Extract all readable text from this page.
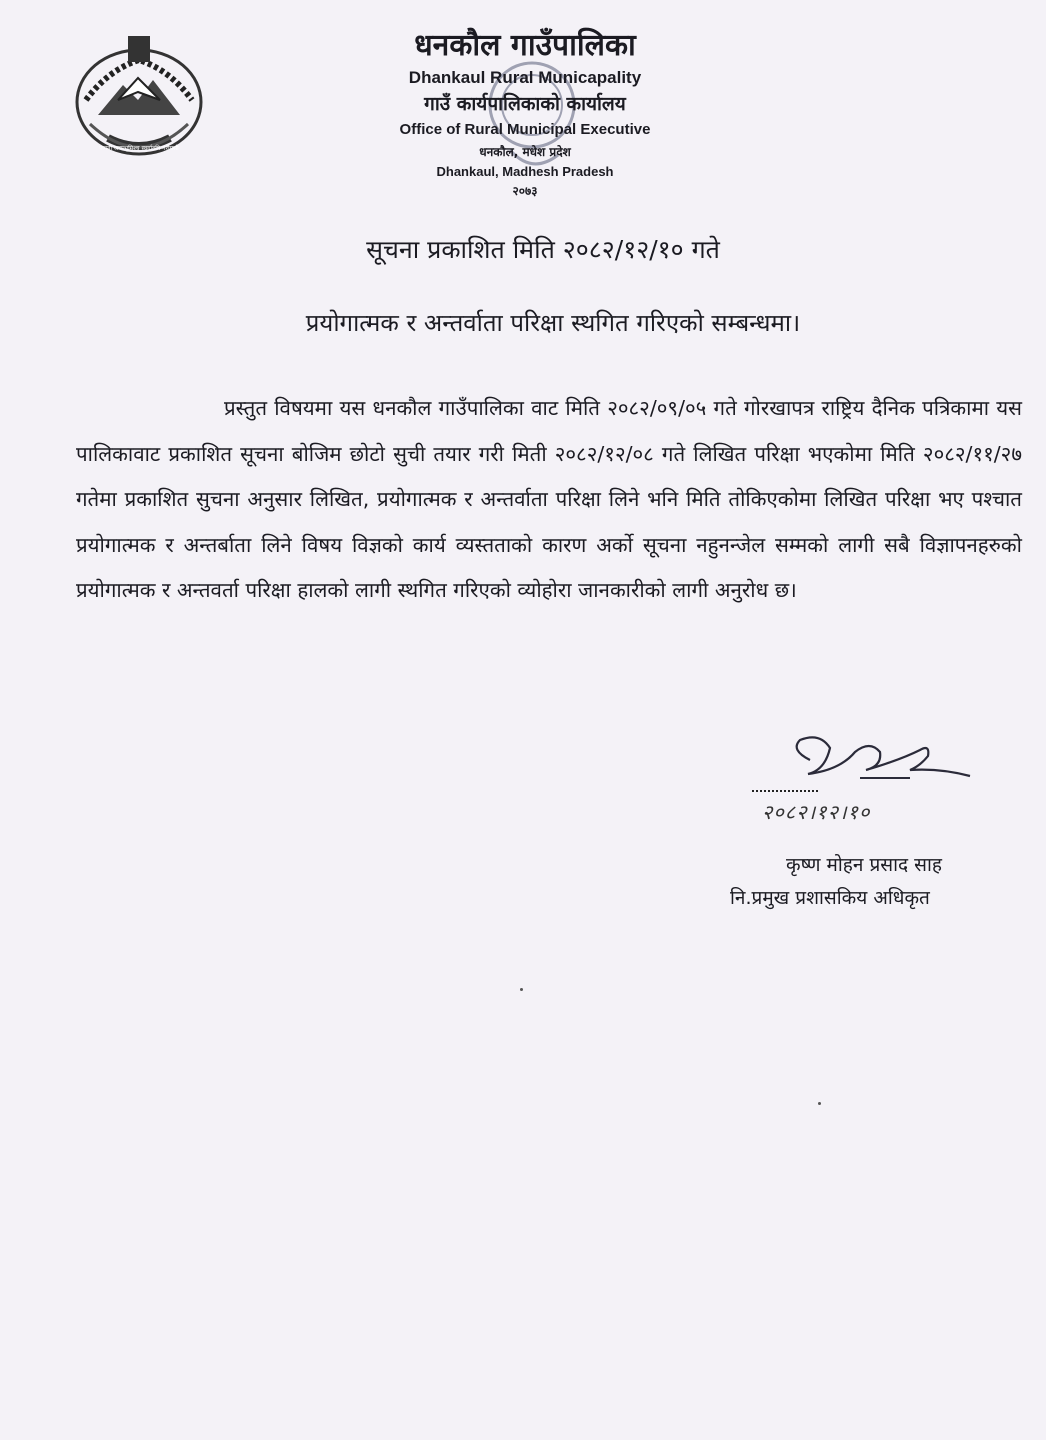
जननी जन्मभूमिश्च स्वर्गादपि गरीयसी
धनकौल गाउँपालिका
Dhankaul Rural Municapality
गाउँ कार्यपालिकाको कार्यालय
Office of Rural Municipal Executive
धनकौल, मधेश प्रदेश
Dhankaul, Madhesh Pradesh
२०७३
सूचना प्रकाशित मिति २०८२/१२/१० गते
प्रयोगात्मक र अन्तर्वाता परिक्षा स्थगित गरिएको सम्बन्धमा।
प्रस्तुत विषयमा यस धनकौल गाउँपालिका वाट मिति २०८२/०९/०५ गते गोरखापत्र राष्ट्रिय दैनिक पत्रिकामा यस पालिकावाट प्रकाशित सूचना बोजिम छोटो सुची तयार गरी मिती २०८२/१२/०८ गते लिखित परिक्षा भएकोमा मिति २०८२/११/२७ गतेमा प्रकाशित सुचना अनुसार लिखित, प्रयोगात्मक र अन्तर्वाता परिक्षा लिने भनि मिति तोकिएकोमा लिखित परिक्षा भए पश्चात प्रयोगात्मक र अन्तर्बाता लिने विषय विज्ञको कार्य व्यस्तताको कारण अर्को सूचना नहुनन्जेल सम्मको लागी सबै विज्ञापनहरुको प्रयोगात्मक र अन्तवर्ता परिक्षा हालको लागी स्थगित गरिएको व्योहोरा जानकारीको लागी अनुरोध छ।
२०८२।१२।१०
कृष्ण मोहन प्रसाद साह
नि.प्रमुख प्रशासकिय अधिकृत
